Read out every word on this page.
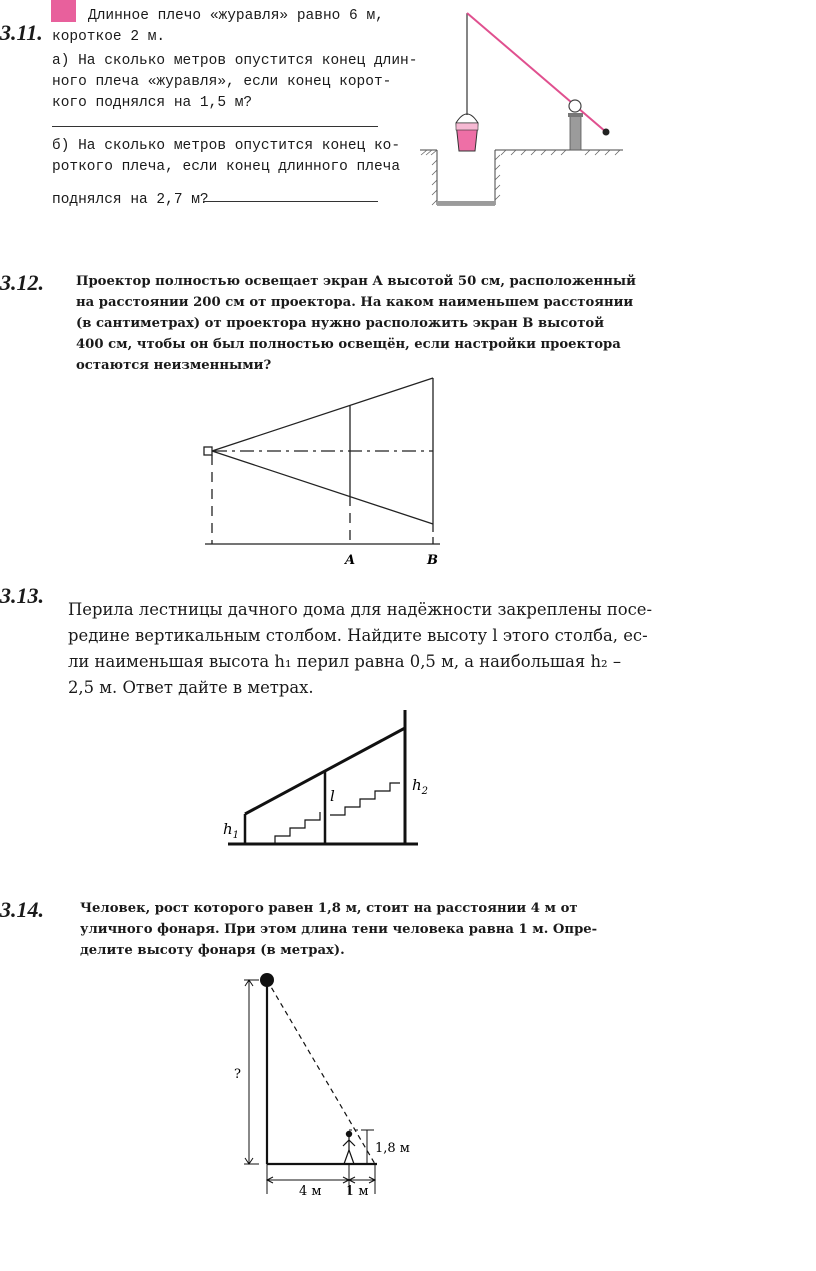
3.11.
Длинное плечо «журавля» равно 6 м,
короткое 2 м.
а) На сколько метров опустится конец длин-
ного плеча «журавля», если конец корот-
кого поднялся на 1,5 м?
б) На сколько метров опустится конец ко-
роткого плеча, если конец длинного плеча
поднялся на 2,7 м?
3.12. Проектор полностью освещает экран A высотой 50 см, расположенный
на расстоянии 200 см от проектора. На каком наименьшем расстоянии
(в сантиметрах) от проектора нужно расположить экран B высотой
400 см, чтобы он был полностью освещён, если настройки проектора
остаются неизменными?
A	B
3.13.
Перила лестницы дачного дома для надёжности закреплены посе-
редине вертикальным столбом. Найдите высоту l этого столба, ес-
ли наименьшая высота h₁ перил равна 0,5 м, а наибольшая h₂ –
2,5 м. Ответ дайте в метрах.
$h_1$
l
$h_2$
3.14.	Человек, рост которого равен 1,8 м, стоит на расстоянии 4 м от
уличного фонаря. При этом длина тени человека равна 1 м. Опре-
делите высоту фонаря (в метрах).
?
1,8 м
4 м 1 м
